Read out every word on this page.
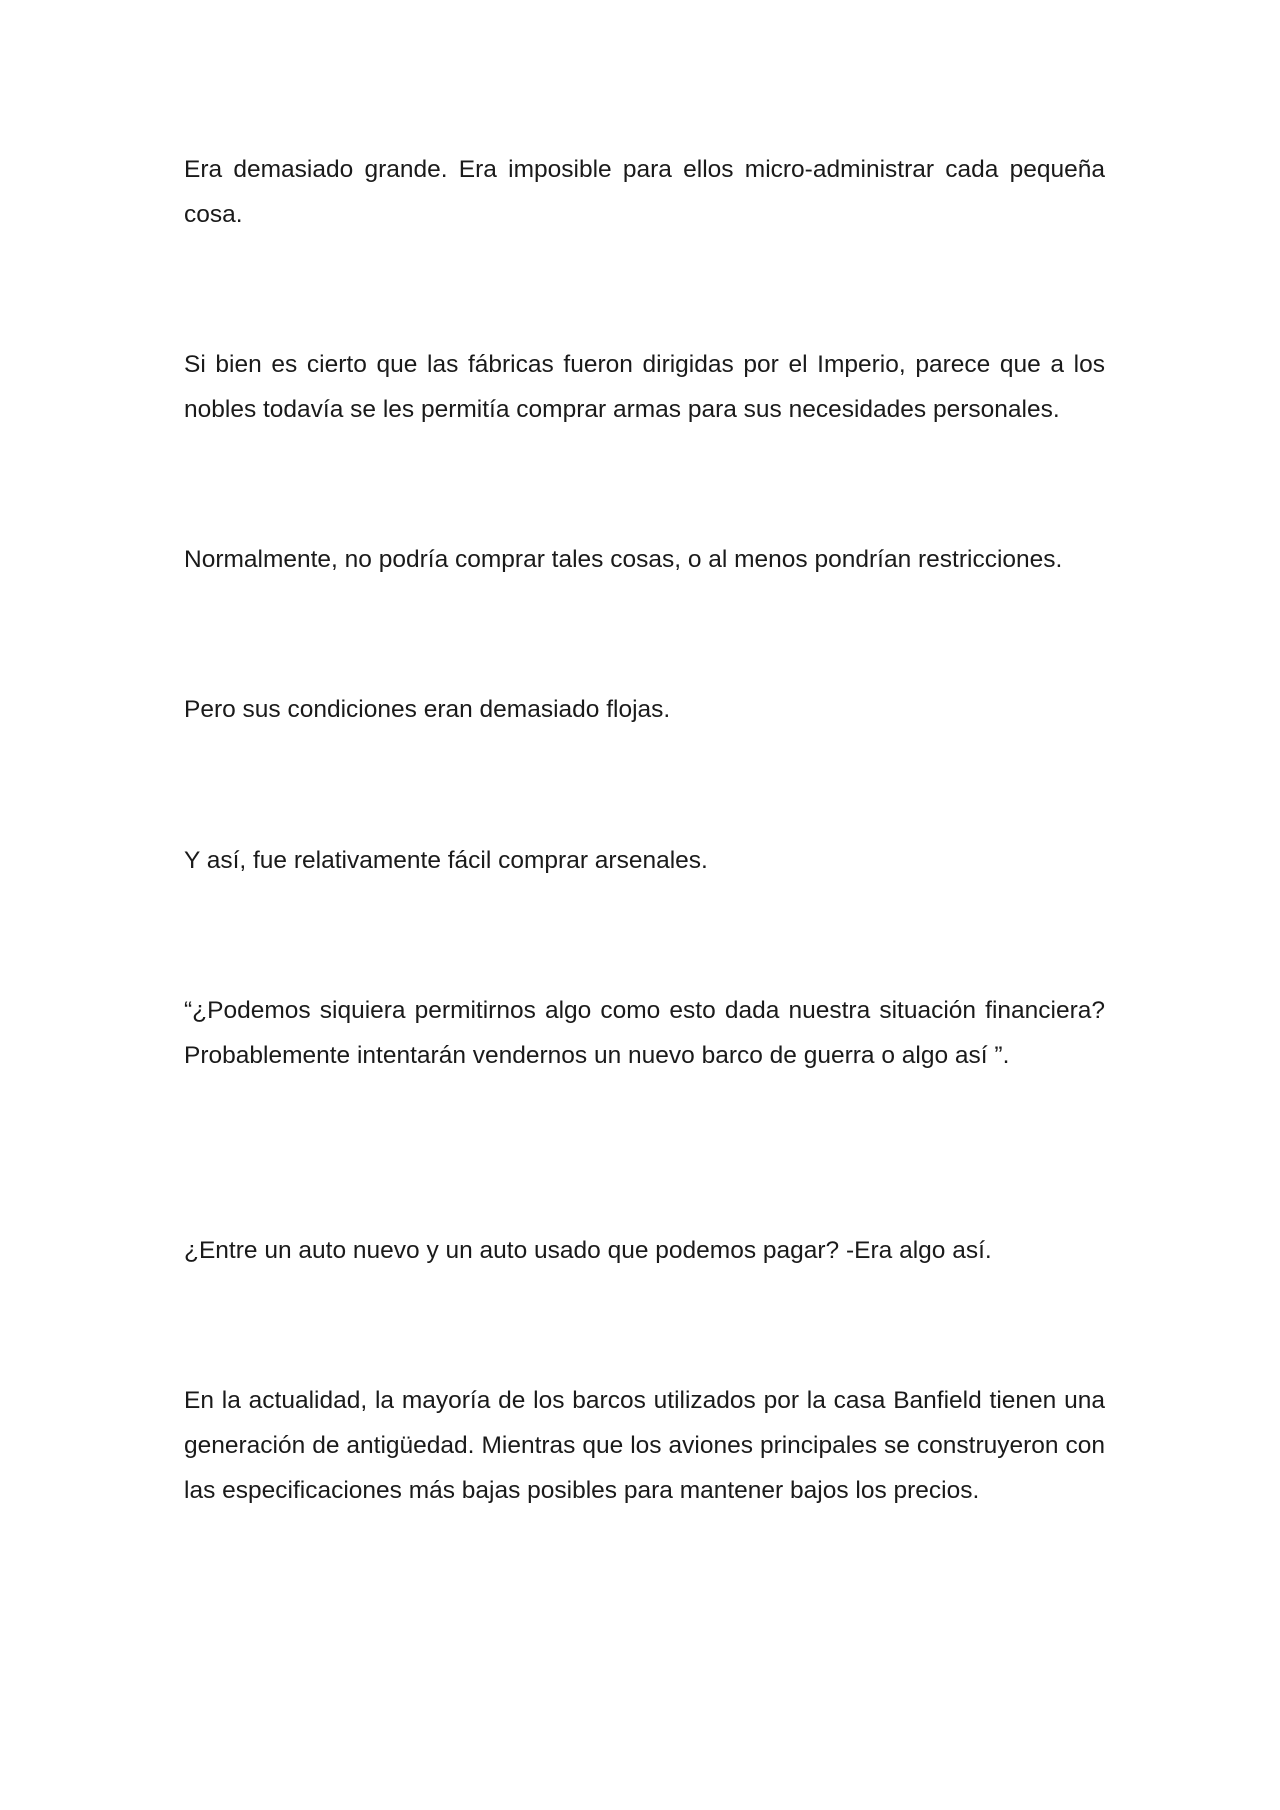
Era demasiado grande. Era imposible para ellos micro-administrar cada pequeña cosa.

Si bien es cierto que las fábricas fueron dirigidas por el Imperio, parece que a los nobles todavía se les permitía comprar armas para sus necesidades personales.

Normalmente, no podría comprar tales cosas, o al menos pondrían restricciones.

Pero sus condiciones eran demasiado flojas.

Y así, fue relativamente fácil comprar arsenales.

“¿Podemos siquiera permitirnos algo como esto dada nuestra situación financiera? Probablemente intentarán vendernos un nuevo barco de guerra o algo así ”.

¿Entre un auto nuevo y un auto usado que podemos pagar? -Era algo así.

En la actualidad, la mayoría de los barcos utilizados por la casa Banfield tienen una generación de antigüedad. Mientras que los aviones principales se construyeron con las especificaciones más bajas posibles para mantener bajos los precios.
